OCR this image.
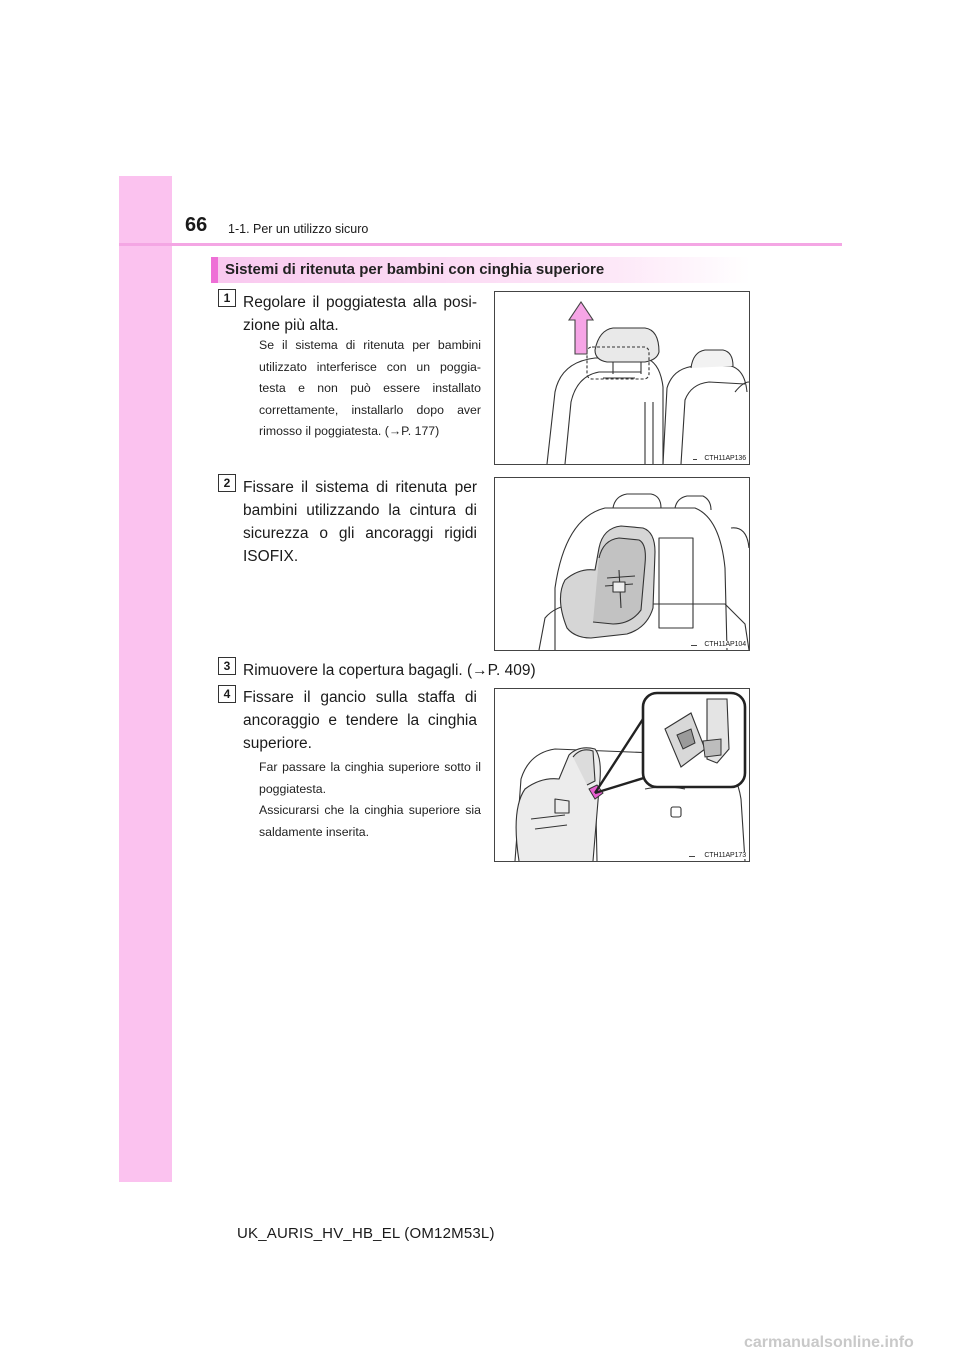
66 1-1. Per un utilizzo sicuro
Sistemi di ritenuta per bambini con cinghia superiore
1 Regolare il poggiatesta alla posi-zione più alta.
Se il sistema di ritenuta per bambini utilizzato interferisce con un poggia-testa e non può essere installato correttamente, installarlo dopo aver rimosso il poggiatesta. (→P. 177)
CTH11AP136
2 Fissare il sistema di ritenuta per bambini utilizzando la cintura di sicurezza o gli ancoraggi rigidi ISOFIX.
CTH11AP104
3 Rimuovere la copertura bagagli. (→P. 409)
4 Fissare il gancio sulla staffa di ancoraggio e tendere la cinghia superiore.
Far passare la cinghia superiore sotto il poggiatesta.
Assicurarsi che la cinghia superiore sia saldamente inserita.
CTH11AP173
UK_AURIS_HV_HB_EL (OM12M53L)
carmanualsonline.info
